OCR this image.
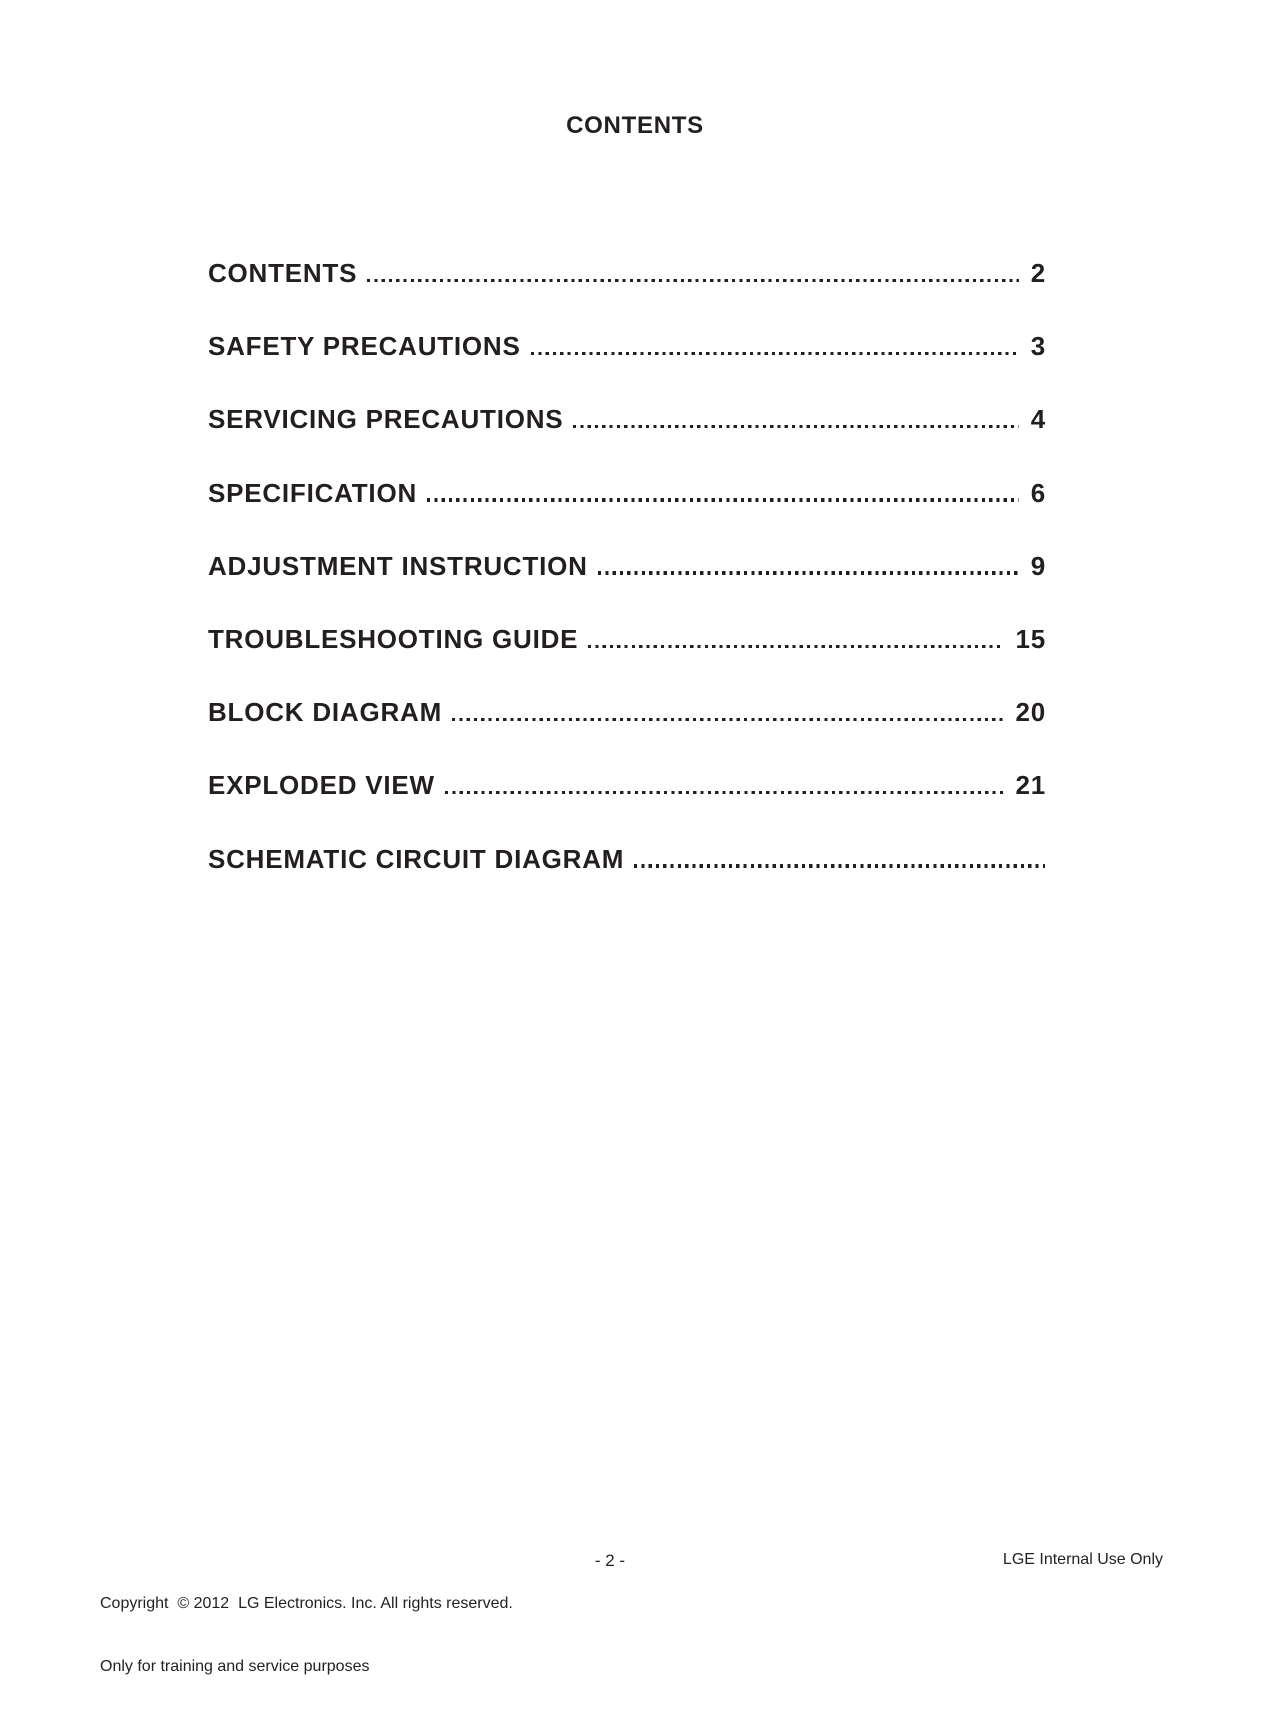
CONTENTS
CONTENTS	2
SAFETY PRECAUTIONS	3
SERVICING PRECAUTIONS	4
SPECIFICATION	6
ADJUSTMENT INSTRUCTION	9
TROUBLESHOOTING GUIDE	15
BLOCK DIAGRAM	20
EXPLODED VIEW	21
SCHEMATIC CIRCUIT DIAGRAM

Copyright  © 2012  LG Electronics. Inc. All rights reserved.

Only for training and service purposes

- 2 -	LGE Internal Use Only
